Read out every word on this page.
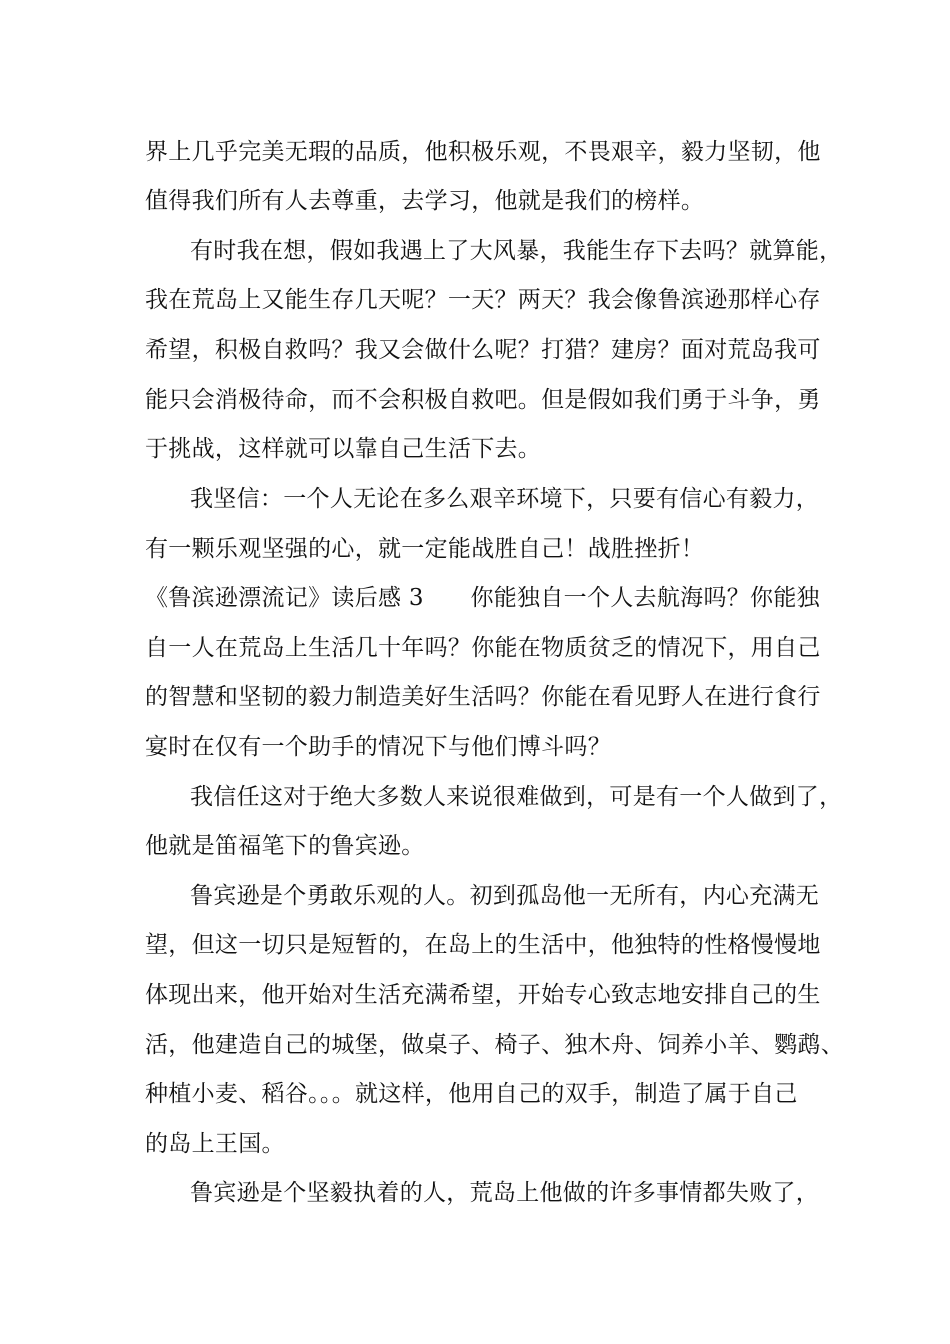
界上几乎完美无瑕的品质，他积极乐观，不畏艰辛，毅力坚韧，他
值得我们所有人去尊重，去学习，他就是我们的榜样。
有时我在想，假如我遇上了大风暴，我能生存下去吗？就算能，
我在荒岛上又能生存几天呢？一天？两天？我会像鲁滨逊那样心存
希望，积极自救吗？我又会做什么呢？打猎？建房？面对荒岛我可
能只会消极待命，而不会积极自救吧。但是假如我们勇于斗争，勇
于挑战，这样就可以靠自己生活下去。
我坚信：一个人无论在多么艰辛环境下，只要有信心有毅力，
有一颗乐观坚强的心，就一定能战胜自己！战胜挫折！
《鲁滨逊漂流记》读后感 3　　你能独自一个人去航海吗？你能独
自一人在荒岛上生活几十年吗？你能在物质贫乏的情况下，用自己
的智慧和坚韧的毅力制造美好生活吗？你能在看见野人在进行食行
宴时在仅有一个助手的情况下与他们博斗吗？
我信任这对于绝大多数人来说很难做到，可是有一个人做到了，
他就是笛福笔下的鲁宾逊。
鲁宾逊是个勇敢乐观的人。初到孤岛他一无所有，内心充满无
望，但这一切只是短暂的，在岛上的生活中，他独特的性格慢慢地
体现出来，他开始对生活充满希望，开始专心致志地安排自己的生
活，他建造自己的城堡，做桌子、椅子、独木舟、饲养小羊、鹦鹉、
种植小麦、稻谷。。。就这样，他用自己的双手，制造了属于自己
的岛上王国。
鲁宾逊是个坚毅执着的人，荒岛上他做的许多事情都失败了，
